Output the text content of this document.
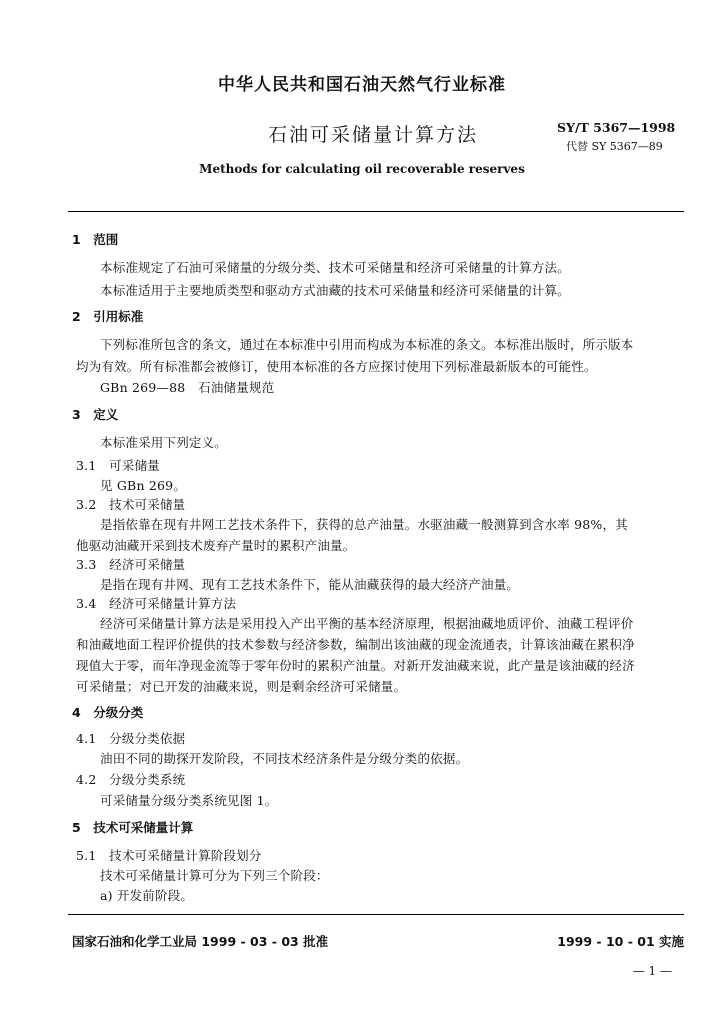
中华人民共和国石油天然气行业标准
石油可采储量计算方法	SY/T 5367—1998
代替 SY 5367—89
Methods for calculating oil recoverable reserves
1　范围
本标准规定了石油可采储量的分级分类、技术可采储量和经济可采储量的计算方法。
本标准适用于主要地质类型和驱动方式油藏的技术可采储量和经济可采储量的计算。
2　引用标准
下列标准所包含的条文，通过在本标准中引用而构成为本标准的条文。本标准出版时，所示版本
均为有效。所有标准都会被修订，使用本标准的各方应探讨使用下列标准最新版本的可能性。
GBn 269—88　石油储量规范
3　定义
本标准采用下列定义。
3.1　可采储量
见 GBn 269。
3.2　技术可采储量
是指依靠在现有井网工艺技术条件下，获得的总产油量。水驱油藏一般测算到含水率 98%，其
他驱动油藏开采到技术废弃产量时的累积产油量。
3.3　经济可采储量
是指在现有井网、现有工艺技术条件下，能从油藏获得的最大经济产油量。
3.4　经济可采储量计算方法
经济可采储量计算方法是采用投入产出平衡的基本经济原理，根据油藏地质评价、油藏工程评价
和油藏地面工程评价提供的技术参数与经济参数，编制出该油藏的现金流通表，计算该油藏在累积净
现值大于零，而年净现金流等于零年份时的累积产油量。对新开发油藏来说，此产量是该油藏的经济
可采储量；对已开发的油藏来说，则是剩余经济可采储量。
4　分级分类
4.1　分级分类依据
油田不同的勘探开发阶段，不同技术经济条件是分级分类的依据。
4.2　分级分类系统
可采储量分级分类系统见图 1。
5　技术可采储量计算
5.1　技术可采储量计算阶段划分
技术可采储量计算可分为下列三个阶段：
a) 开发前阶段。
国家石油和化学工业局 1999 - 03 - 03 批准	1999 - 10 - 01 实施
— 1 —
